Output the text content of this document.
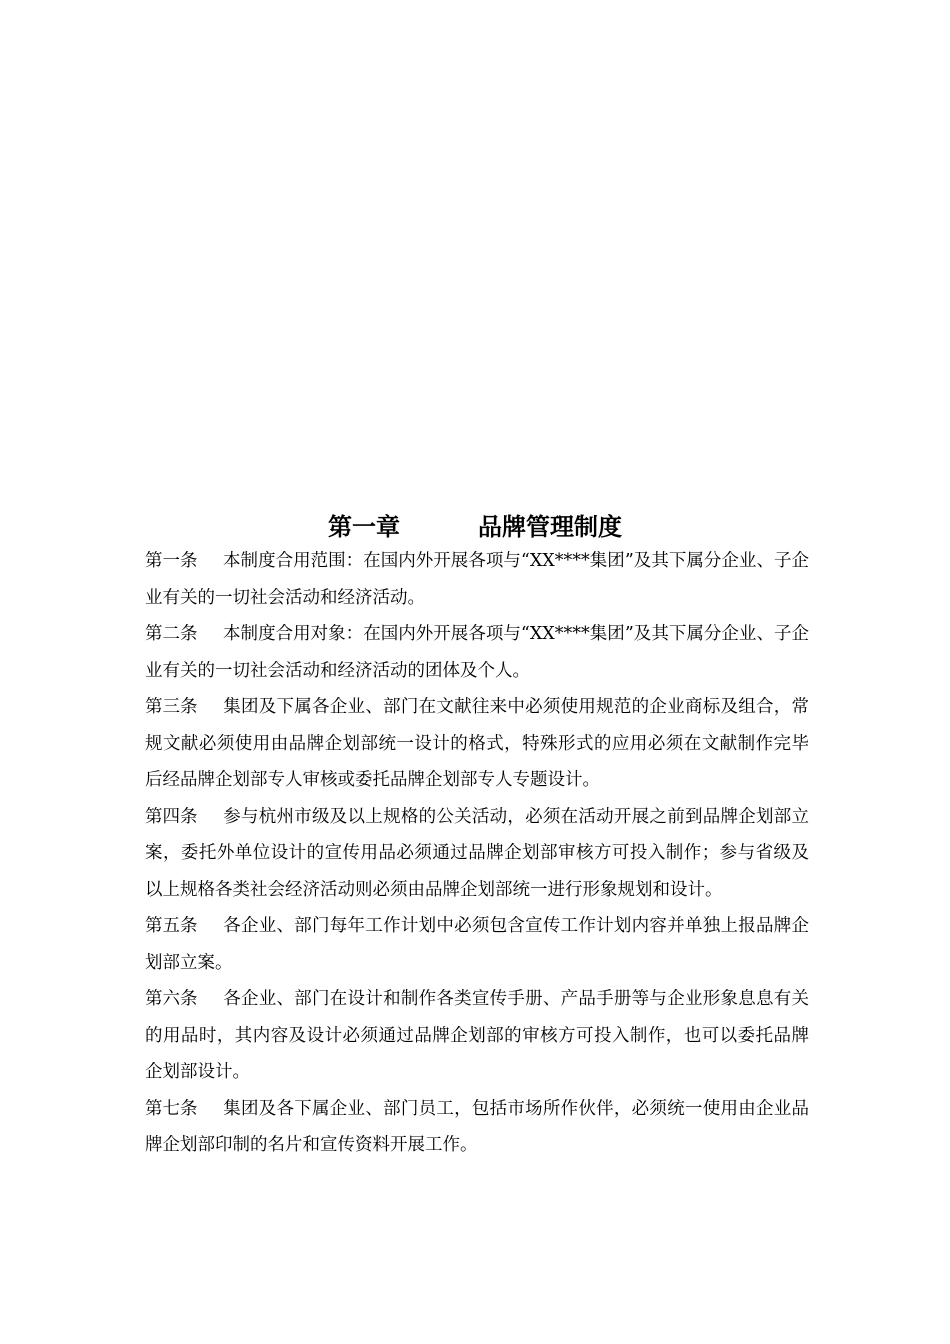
第一章	品牌管理制度

第一条 本制度合用范围：在国内外开展各项与“XX****集团”及其下属分企业、子企业有关的一切社会活动和经济活动。

第二条 本制度合用对象：在国内外开展各项与“XX****集团”及其下属分企业、子企业有关的一切社会活动和经济活动的团体及个人。

第三条 集团及下属各企业、部门在文献往来中必须使用规范的企业商标及组合，常规文献必须使用由品牌企划部统一设计的格式，特殊形式的应用必须在文献制作完毕后经品牌企划部专人审核或委托品牌企划部专人专题设计。

第四条 参与杭州市级及以上规格的公关活动，必须在活动开展之前到品牌企划部立案，委托外单位设计的宣传用品必须通过品牌企划部审核方可投入制作；参与省级及以上规格各类社会经济活动则必须由品牌企划部统一进行形象规划和设计。

第五条 各企业、部门每年工作计划中必须包含宣传工作计划内容并单独上报品牌企划部立案。

第六条 各企业、部门在设计和制作各类宣传手册、产品手册等与企业形象息息有关的用品时，其内容及设计必须通过品牌企划部的审核方可投入制作，也可以委托品牌企划部设计。

第七条 集团及各下属企业、部门员工，包括市场所作伙伴，必须统一使用由企业品牌企划部印制的名片和宣传资料开展工作。
